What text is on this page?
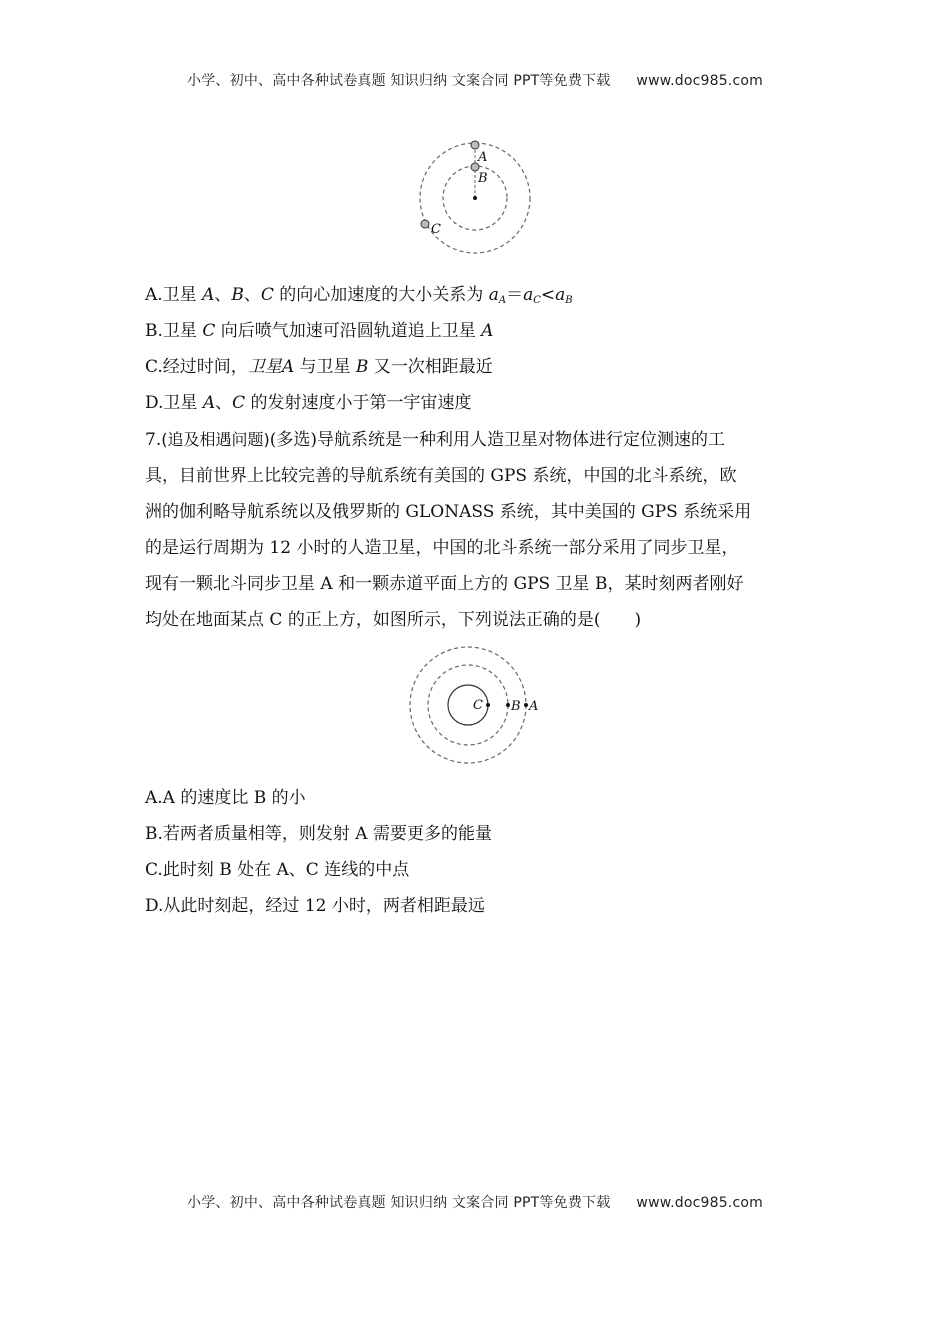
小学、初中、高中各种试卷真题 知识归纳 文案合同 PPT等免费下载 www.doc985.com
A
B
C
A.卫星 A、B、C 的向心加速度的大小关系为 $a_A=a_C<a_B$
B.卫星 C 向后喷气加速可沿圆轨道追上卫星 A
C.经过时间，卫星A 与卫星 B 又一次相距最近
D.卫星 A、C 的发射速度小于第一宇宙速度
7.(追及相遇问题)(多选)导航系统是一种利用人造卫星对物体进行定位测速的工
具，目前世界上比较完善的导航系统有美国的 GPS 系统，中国的北斗系统，欧
洲的伽利略导航系统以及俄罗斯的 GLONASS 系统，其中美国的 GPS 系统采用
的是运行周期为 12 小时的人造卫星，中国的北斗系统一部分采用了同步卫星，
现有一颗北斗同步卫星 A 和一颗赤道平面上方的 GPS 卫星 B，某时刻两者刚好
均处在地面某点 C 的正上方，如图所示，下列说法正确的是(　　)
C B A
A.A 的速度比 B 的小
B.若两者质量相等，则发射 A 需要更多的能量
C.此时刻 B 处在 A、C 连线的中点
D.从此时刻起，经过 12 小时，两者相距最远
小学、初中、高中各种试卷真题 知识归纳 文案合同 PPT等免费下载 www.doc985.com
